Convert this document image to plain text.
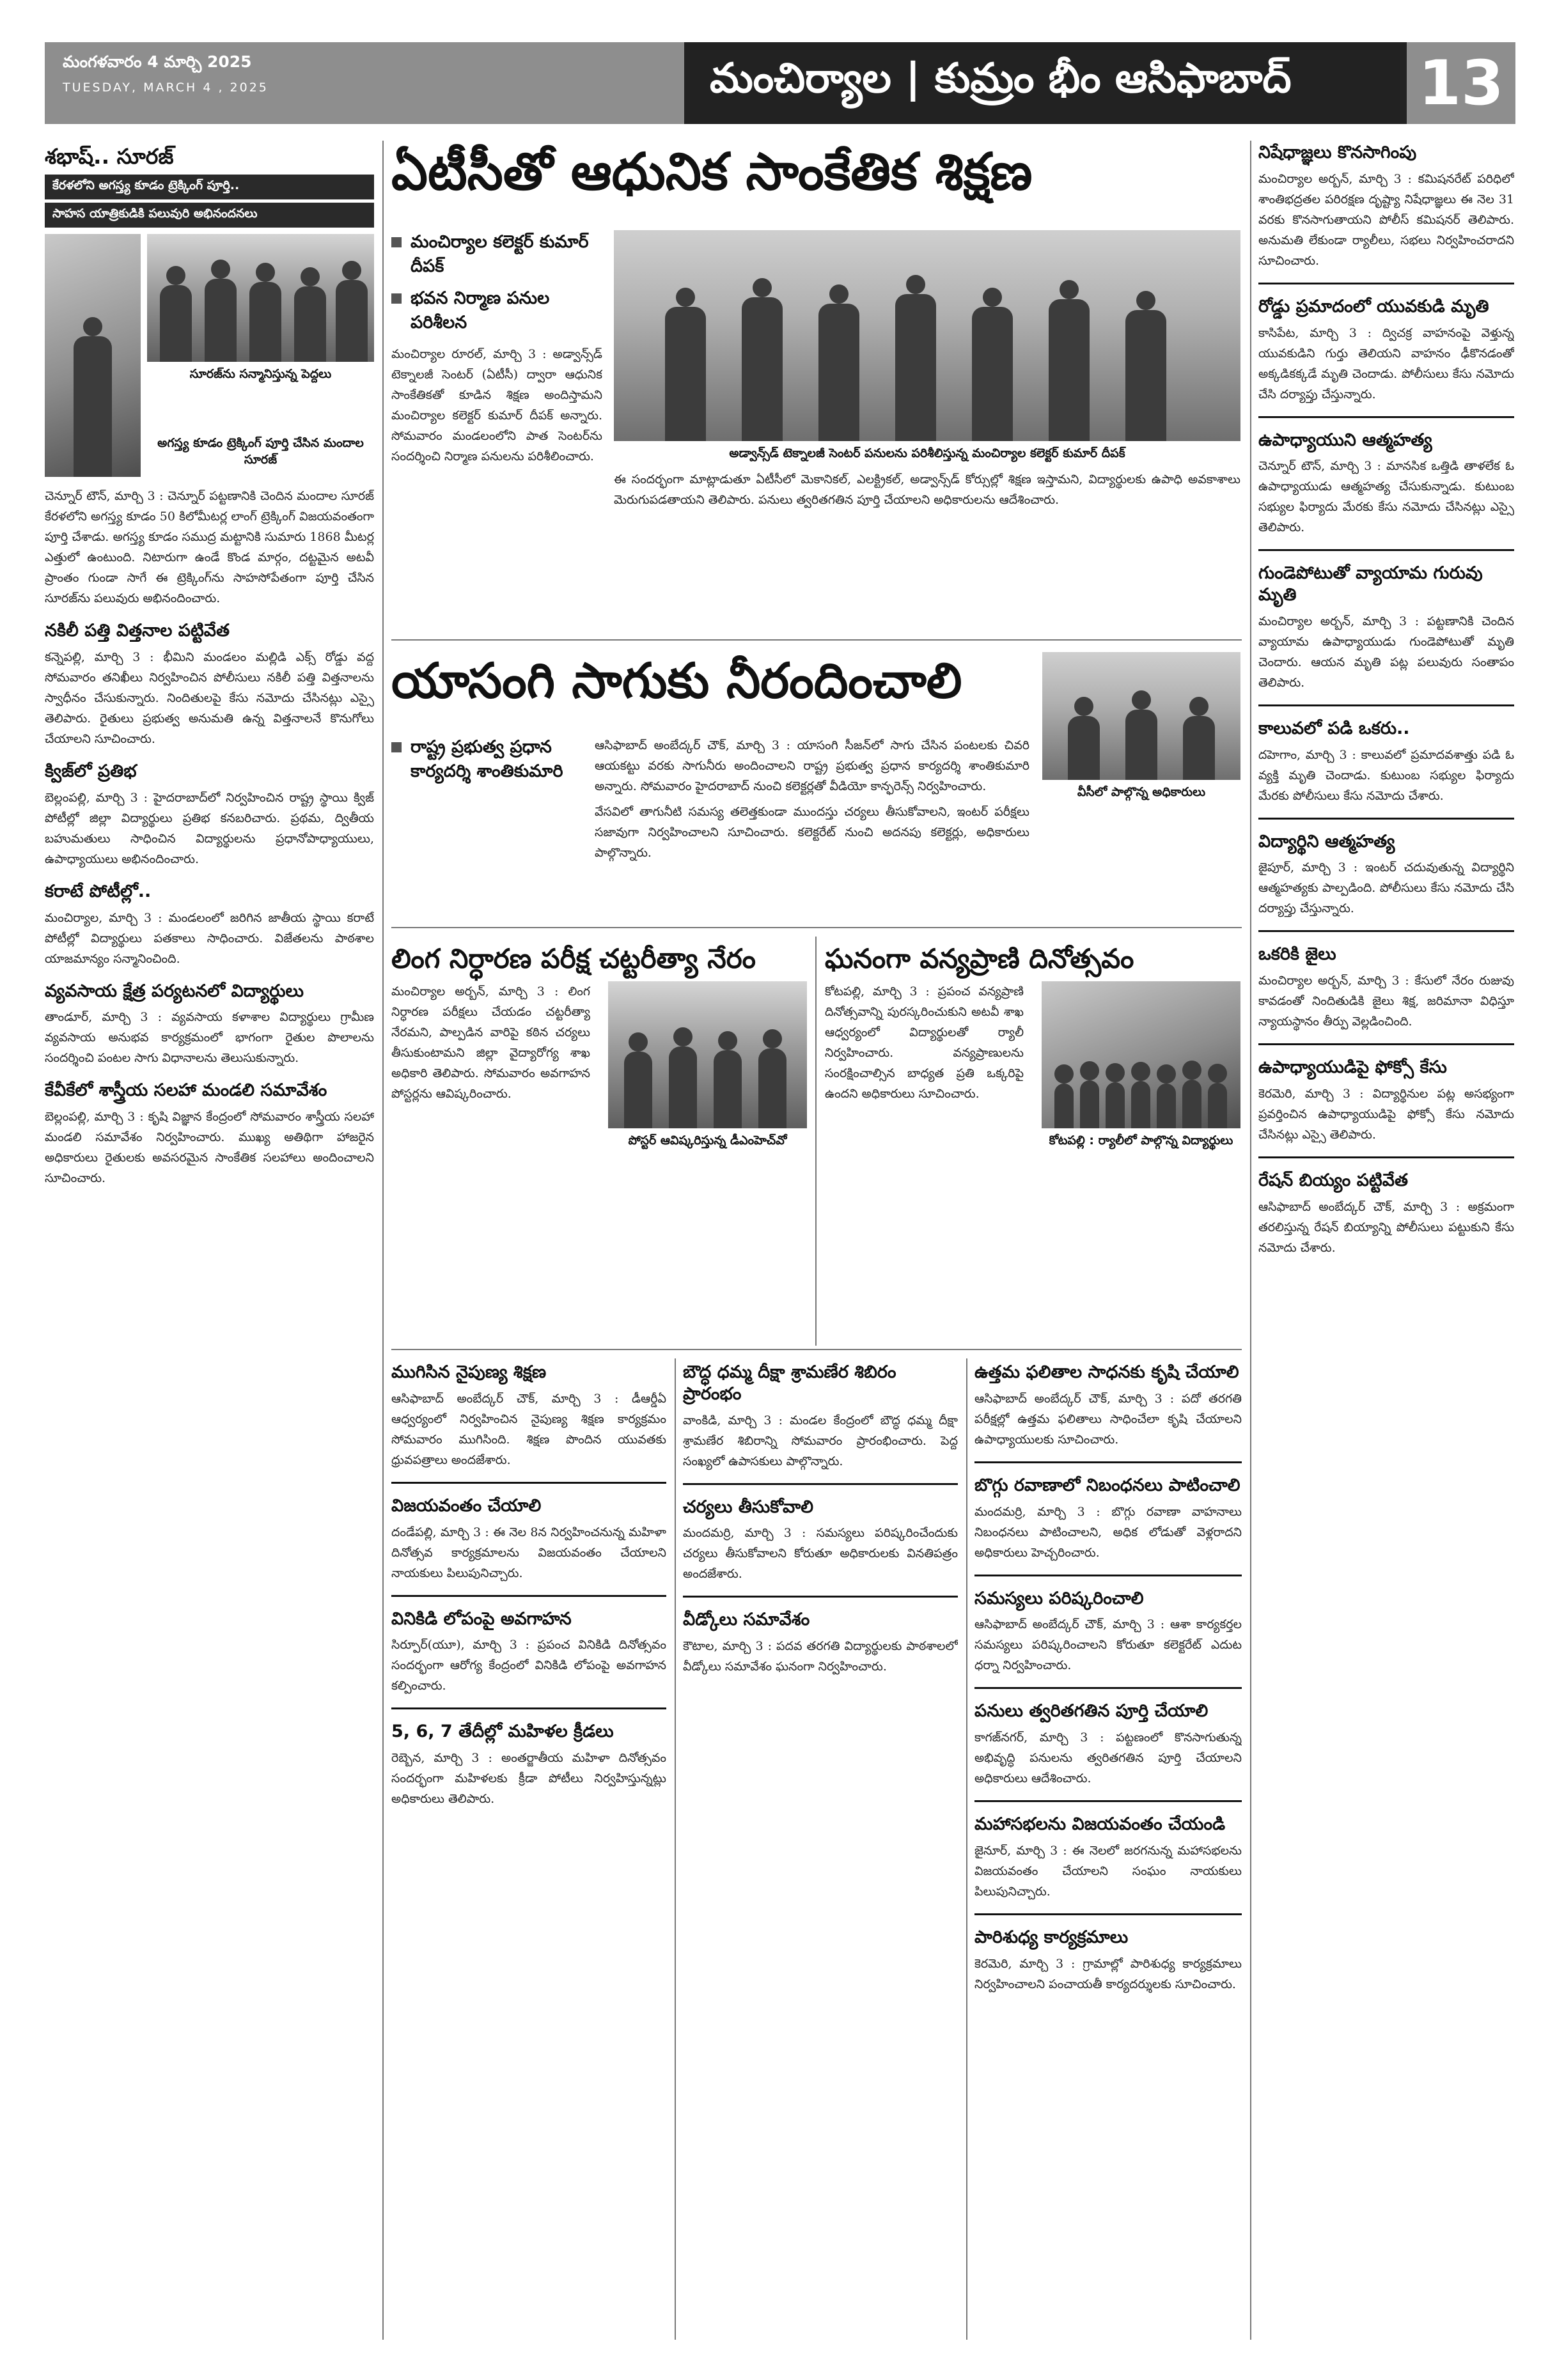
మంగళవారం 4 మార్చి 2025
TUESDAY, MARCH 4 , 2025	మంచిర్యాల | కుమ్రం భీం ఆసిఫాబాద్	13
శభాష్.. సూరజ్
కేరళలోని అగస్త్య కూడం ట్రెక్కింగ్ పూర్తి..
సాహస యాత్రికుడికి పలువురి అభినందనలు
సూరజ్‌ను సన్మానిస్తున్న పెద్దలు
అగస్త్య కూడం ట్రెక్కింగ్ పూర్తి చేసిన మందాల సూరజ్
చెన్నూర్ టౌన్, మార్చి 3 : చెన్నూర్ పట్టణానికి చెందిన మందాల సూరజ్ కేరళలోని అగస్త్య కూడం 50 కిలోమీటర్ల లాంగ్ ట్రెక్కింగ్ విజయవంతంగా పూర్తి చేశాడు. అగస్త్య కూడం సముద్ర మట్టానికి సుమారు 1868 మీటర్ల ఎత్తులో ఉంటుంది. నిటారుగా ఉండే కొండ మార్గం, దట్టమైన అటవీ ప్రాంతం గుండా సాగే ఈ ట్రెక్కింగ్‌ను సాహసోపేతంగా పూర్తి చేసిన సూరజ్‌ను పలువురు అభినందించారు.
నకిలీ పత్తి విత్తనాల పట్టివేత
కన్నెపల్లి, మార్చి 3 : భీమిని మండలం మల్లిడి ఎక్స్ రోడ్డు వద్ద సోమవారం తనిఖీలు నిర్వహించిన పోలీసులు నకిలీ పత్తి విత్తనాలను స్వాధీనం చేసుకున్నారు. నిందితులపై కేసు నమోదు చేసినట్లు ఎస్సై తెలిపారు. రైతులు ప్రభుత్వ అనుమతి ఉన్న విత్తనాలనే కొనుగోలు చేయాలని సూచించారు.
క్విజ్‌లో ప్రతిభ
బెల్లంపల్లి, మార్చి 3 : హైదరాబాద్‌లో నిర్వహించిన రాష్ట్ర స్థాయి క్విజ్ పోటీల్లో జిల్లా విద్యార్థులు ప్రతిభ కనబరిచారు. ప్రథమ, ద్వితీయ బహుమతులు సాధించిన విద్యార్థులను ప్రధానోపాధ్యాయులు, ఉపాధ్యాయులు అభినందించారు.
కరాటే పోటీల్లో..
మంచిర్యాల, మార్చి 3 : మండలంలో జరిగిన జాతీయ స్థాయి కరాటే పోటీల్లో విద్యార్థులు పతకాలు సాధించారు. విజేతలను పాఠశాల యాజమాన్యం సన్మానించింది.
వ్యవసాయ క్షేత్ర పర్యటనలో విద్యార్థులు
తాండూర్, మార్చి 3 : వ్యవసాయ కళాశాల విద్యార్థులు గ్రామీణ వ్యవసాయ అనుభవ కార్యక్రమంలో భాగంగా రైతుల పొలాలను సందర్శించి పంటల సాగు విధానాలను తెలుసుకున్నారు.
కేవీకేలో శాస్త్రీయ సలహా మండలి సమావేశం
బెల్లంపల్లి, మార్చి 3 : కృషి విజ్ఞాన కేంద్రంలో సోమవారం శాస్త్రీయ సలహా మండలి సమావేశం నిర్వహించారు. ముఖ్య అతిథిగా హాజరైన అధికారులు రైతులకు అవసరమైన సాంకేతిక సలహాలు అందించాలని సూచించారు.
ఏటీసీతో ఆధునిక సాంకేతిక శిక్షణ
మంచిర్యాల కలెక్టర్ కుమార్ దీపక్
భవన నిర్మాణ పనుల పరిశీలన
మంచిర్యాల రూరల్, మార్చి 3 : అడ్వాన్స్‌డ్ టెక్నాలజీ సెంటర్ (ఏటీసీ) ద్వారా ఆధునిక సాంకేతికతో కూడిన శిక్షణ అందిస్తామని మంచిర్యాల కలెక్టర్ కుమార్ దీపక్ అన్నారు. సోమవారం మండలంలోని పాత సెంటర్‌ను సందర్శించి నిర్మాణ పనులను పరిశీలించారు.	అడ్వాన్స్‌డ్ టెక్నాలజీ సెంటర్ పనులను పరిశీలిస్తున్న మంచిర్యాల కలెక్టర్ కుమార్ దీపక్
ఈ సందర్భంగా మాట్లాడుతూ ఏటీసీలో మెకానికల్, ఎలక్ట్రికల్, అడ్వాన్స్‌డ్ కోర్సుల్లో శిక్షణ ఇస్తామని, విద్యార్థులకు ఉపాధి అవకాశాలు మెరుగుపడతాయని తెలిపారు. పనులు త్వరితగతిన పూర్తి చేయాలని అధికారులను ఆదేశించారు.
యాసంగి సాగుకు నీరందించాలి
రాష్ట్ర ప్రభుత్వ ప్రధాన కార్యదర్శి శాంతికుమారి
ఆసిఫాబాద్ అంబేద్కర్ చౌక్, మార్చి 3 : యాసంగి సీజన్‌లో సాగు చేసిన పంటలకు చివరి ఆయకట్టు వరకు సాగునీరు అందించాలని రాష్ట్ర ప్రభుత్వ ప్రధాన కార్యదర్శి శాంతికుమారి అన్నారు. సోమవారం హైదరాబాద్ నుంచి కలెక్టర్లతో వీడియో కాన్ఫరెన్స్ నిర్వహించారు.
వేసవిలో తాగునీటి సమస్య తలెత్తకుండా ముందస్తు చర్యలు తీసుకోవాలని, ఇంటర్ పరీక్షలు సజావుగా నిర్వహించాలని సూచించారు. కలెక్టరేట్ నుంచి అదనపు కలెక్టర్లు, అధికారులు పాల్గొన్నారు.
వీసీలో పాల్గొన్న అధికారులు
లింగ నిర్ధారణ పరీక్ష చట్టరీత్యా నేరం
మంచిర్యాల అర్బన్, మార్చి 3 : లింగ నిర్ధారణ పరీక్షలు చేయడం చట్టరీత్యా నేరమని, పాల్పడిన వారిపై కఠిన చర్యలు తీసుకుంటామని జిల్లా వైద్యారోగ్య శాఖ అధికారి తెలిపారు. సోమవారం అవగాహన పోస్టర్లను ఆవిష్కరించారు.
పోస్టర్ ఆవిష్కరిస్తున్న డీఎంహెచ్‌వో
ఘనంగా వన్యప్రాణి దినోత్సవం
కోటపల్లి, మార్చి 3 : ప్రపంచ వన్యప్రాణి దినోత్సవాన్ని పురస్కరించుకుని అటవీ శాఖ ఆధ్వర్యంలో విద్యార్థులతో ర్యాలీ నిర్వహించారు. వన్యప్రాణులను సంరక్షించాల్సిన బాధ్యత ప్రతి ఒక్కరిపై ఉందని అధికారులు సూచించారు.
కోటపల్లి : ర్యాలీలో పాల్గొన్న విద్యార్థులు
ముగిసిన నైపుణ్య శిక్షణ
ఆసిఫాబాద్ అంబేద్కర్ చౌక్, మార్చి 3 : డీఆర్డీఏ ఆధ్వర్యంలో నిర్వహించిన నైపుణ్య శిక్షణ కార్యక్రమం సోమవారం ముగిసింది. శిక్షణ పొందిన యువతకు ధ్రువపత్రాలు అందజేశారు.
విజయవంతం చేయాలి
దండేపల్లి, మార్చి 3 : ఈ నెల 8న నిర్వహించనున్న మహిళా దినోత్సవ కార్యక్రమాలను విజయవంతం చేయాలని నాయకులు పిలుపునిచ్చారు.
వినికిడి లోపంపై అవగాహన
సిర్పూర్(యూ), మార్చి 3 : ప్రపంచ వినికిడి దినోత్సవం సందర్భంగా ఆరోగ్య కేంద్రంలో వినికిడి లోపంపై అవగాహన కల్పించారు.
5, 6, 7 తేదీల్లో మహిళల క్రీడలు
రెబ్బెన, మార్చి 3 : అంతర్జాతీయ మహిళా దినోత్సవం సందర్భంగా మహిళలకు క్రీడా పోటీలు నిర్వహిస్తున్నట్లు అధికారులు తెలిపారు.
బౌద్ధ ధమ్మ దీక్షా శ్రామణేర శిబిరం ప్రారంభం
వాంకిడి, మార్చి 3 : మండల కేంద్రంలో బౌద్ధ ధమ్మ దీక్షా శ్రామణేర శిబిరాన్ని సోమవారం ప్రారంభించారు. పెద్ద సంఖ్యలో ఉపాసకులు పాల్గొన్నారు.
చర్యలు తీసుకోవాలి
మందమర్రి, మార్చి 3 : సమస్యలు పరిష్కరించేందుకు చర్యలు తీసుకోవాలని కోరుతూ అధికారులకు వినతిపత్రం అందజేశారు.
వీడ్కోలు సమావేశం
కౌటాల, మార్చి 3 : పదవ తరగతి విద్యార్థులకు పాఠశాలలో వీడ్కోలు సమావేశం ఘనంగా నిర్వహించారు.
ఉత్తమ ఫలితాల సాధనకు కృషి చేయాలి
ఆసిఫాబాద్ అంబేద్కర్ చౌక్, మార్చి 3 : పదో తరగతి పరీక్షల్లో ఉత్తమ ఫలితాలు సాధించేలా కృషి చేయాలని ఉపాధ్యాయులకు సూచించారు.
బొగ్గు రవాణాలో నిబంధనలు పాటించాలి
మందమర్రి, మార్చి 3 : బొగ్గు రవాణా వాహనాలు నిబంధనలు పాటించాలని, అధిక లోడుతో వెళ్లరాదని అధికారులు హెచ్చరించారు.
సమస్యలు పరిష్కరించాలి
ఆసిఫాబాద్ అంబేద్కర్ చౌక్, మార్చి 3 : ఆశా కార్యకర్తల సమస్యలు పరిష్కరించాలని కోరుతూ కలెక్టరేట్ ఎదుట ధర్నా నిర్వహించారు.
పనులు త్వరితగతిన పూర్తి చేయాలి
కాగజ్‌నగర్, మార్చి 3 : పట్టణంలో కొనసాగుతున్న అభివృద్ధి పనులను త్వరితగతిన పూర్తి చేయాలని అధికారులు ఆదేశించారు.
మహాసభలను విజయవంతం చేయండి
జైనూర్, మార్చి 3 : ఈ నెలలో జరగనున్న మహాసభలను విజయవంతం చేయాలని సంఘం నాయకులు పిలుపునిచ్చారు.
పారిశుధ్య కార్యక్రమాలు
కెరమెరి, మార్చి 3 : గ్రామాల్లో పారిశుధ్య కార్యక్రమాలు నిర్వహించాలని పంచాయతీ కార్యదర్శులకు సూచించారు.
నిషేధాజ్ఞలు కొనసాగింపు
మంచిర్యాల అర్బన్, మార్చి 3 : కమిషనరేట్ పరిధిలో శాంతిభద్రతల పరిరక్షణ దృష్ట్యా నిషేధాజ్ఞలు ఈ నెల 31 వరకు కొనసాగుతాయని పోలీస్ కమిషనర్ తెలిపారు. అనుమతి లేకుండా ర్యాలీలు, సభలు నిర్వహించరాదని సూచించారు.
రోడ్డు ప్రమాదంలో యువకుడి మృతి
కాసిపేట, మార్చి 3 : ద్విచక్ర వాహనంపై వెళ్తున్న యువకుడిని గుర్తు తెలియని వాహనం ఢీకొనడంతో అక్కడికక్కడే మృతి చెందాడు. పోలీసులు కేసు నమోదు చేసి దర్యాప్తు చేస్తున్నారు.
ఉపాధ్యాయుని ఆత్మహత్య
చెన్నూర్ టౌన్, మార్చి 3 : మానసిక ఒత్తిడి తాళలేక ఓ ఉపాధ్యాయుడు ఆత్మహత్య చేసుకున్నాడు. కుటుంబ సభ్యుల ఫిర్యాదు మేరకు కేసు నమోదు చేసినట్లు ఎస్సై తెలిపారు.
గుండెపోటుతో వ్యాయామ గురువు మృతి
మంచిర్యాల అర్బన్, మార్చి 3 : పట్టణానికి చెందిన వ్యాయామ ఉపాధ్యాయుడు గుండెపోటుతో మృతి చెందారు. ఆయన మృతి పట్ల పలువురు సంతాపం తెలిపారు.
కాలువలో పడి ఒకరు..
దహెగాం, మార్చి 3 : కాలువలో ప్రమాదవశాత్తు పడి ఓ వ్యక్తి మృతి చెందాడు. కుటుంబ సభ్యుల ఫిర్యాదు మేరకు పోలీసులు కేసు నమోదు చేశారు.
విద్యార్థిని ఆత్మహత్య
జైపూర్, మార్చి 3 : ఇంటర్ చదువుతున్న విద్యార్థిని ఆత్మహత్యకు పాల్పడింది. పోలీసులు కేసు నమోదు చేసి దర్యాప్తు చేస్తున్నారు.
ఒకరికి జైలు
మంచిర్యాల అర్బన్, మార్చి 3 : కేసులో నేరం రుజువు కావడంతో నిందితుడికి జైలు శిక్ష, జరిమానా విధిస్తూ న్యాయస్థానం తీర్పు వెల్లడించింది.
ఉపాధ్యాయుడిపై ఫోక్సో కేసు
కెరమెరి, మార్చి 3 : విద్యార్థినుల పట్ల అసభ్యంగా ప్రవర్తించిన ఉపాధ్యాయుడిపై ఫోక్సో కేసు నమోదు చేసినట్లు ఎస్సై తెలిపారు.
రేషన్ బియ్యం పట్టివేత
ఆసిఫాబాద్ అంబేద్కర్ చౌక్, మార్చి 3 : అక్రమంగా తరలిస్తున్న రేషన్ బియ్యాన్ని పోలీసులు పట్టుకుని కేసు నమోదు చేశారు.
